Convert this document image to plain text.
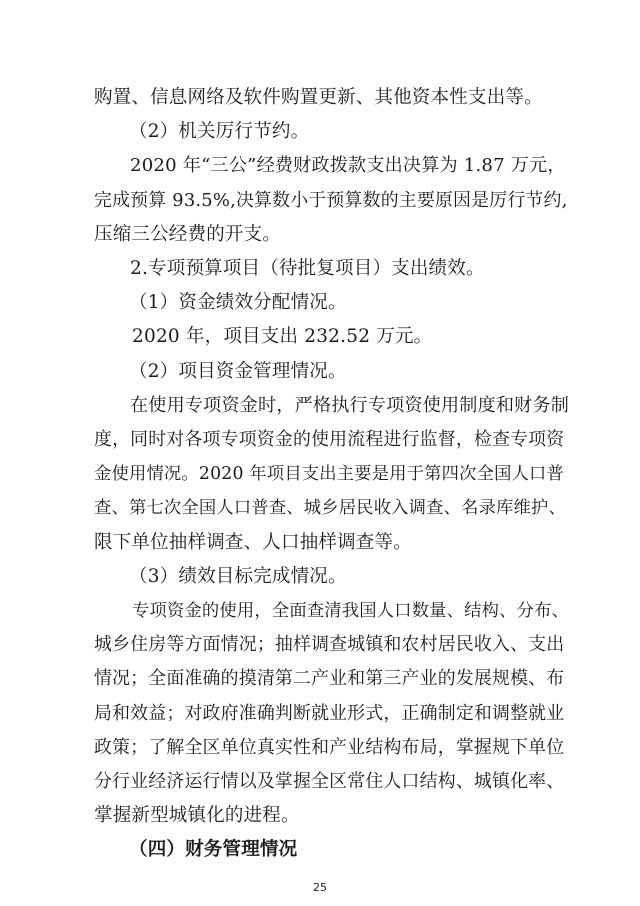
购置、信息网络及软件购置更新、其他资本性支出等。
（2）机关厉行节约。
2020 年“三公”经费财政拨款支出决算为 1.87 万元，
完成预算 93.5%,决算数小于预算数的主要原因是厉行节约,
压缩三公经费的开支。
2.专项预算项目（待批复项目）支出绩效。
（1）资金绩效分配情况。
2020 年，项目支出 232.52 万元。
（2）项目资金管理情况。
在使用专项资金时，严格执行专项资使用制度和财务制
度，同时对各项专项资金的使用流程进行监督，检查专项资
金使用情况。2020 年项目支出主要是用于第四次全国人口普
查、第七次全国人口普查、城乡居民收入调查、名录库维护、
限下单位抽样调查、人口抽样调查等。
（3）绩效目标完成情况。
专项资金的使用，全面查清我国人口数量、结构、分布、
城乡住房等方面情况；抽样调查城镇和农村居民收入、支出
情况；全面准确的摸清第二产业和第三产业的发展规模、布
局和效益；对政府准确判断就业形式，正确制定和调整就业
政策；了解全区单位真实性和产业结构布局，掌握规下单位
分行业经济运行情以及掌握全区常住人口结构、城镇化率、
掌握新型城镇化的进程。
（四）财务管理情况
25
